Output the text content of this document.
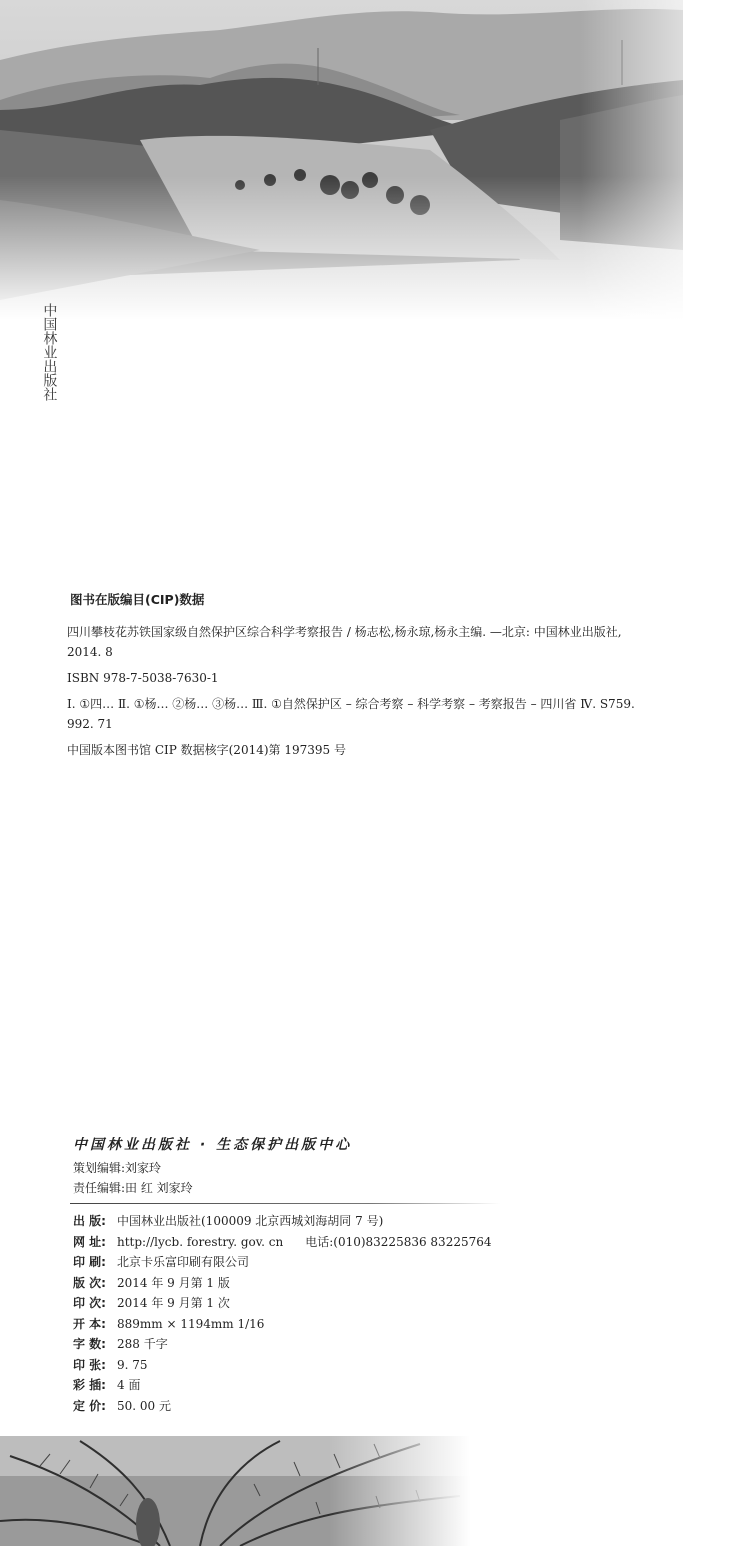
中国林业出版社

图书在版编目(CIP)数据

四川攀枝花苏铁国家级自然保护区综合科学考察报告 / 杨志松,杨永琼,杨永主编. —北京: 中国林业出版社, 2014. 8

ISBN 978-7-5038-7630-1

Ⅰ. ①四… Ⅱ. ①杨… ②杨… ③杨… Ⅲ. ①自然保护区 – 综合考察 – 科学考察 – 考察报告 – 四川省 Ⅳ. S759. 992. 71

中国版本图书馆 CIP 数据核字(2014)第 197395 号

中国林业出版社 · 生态保护出版中心

策划编辑:刘家玲

责任编辑:田 红 刘家玲

出 版: 中国林业出版社(100009 北京西城刘海胡同 7 号)
网 址: http://lycb. forestry. gov. cn 电话:(010)83225836 83225764
印 刷: 北京卡乐富印刷有限公司
版 次: 2014 年 9 月第 1 版
印 次: 2014 年 9 月第 1 次
开 本: 889mm × 1194mm 1/16
字 数: 288 千字
印 张: 9. 75
彩 插: 4 面
定 价: 50. 00 元
